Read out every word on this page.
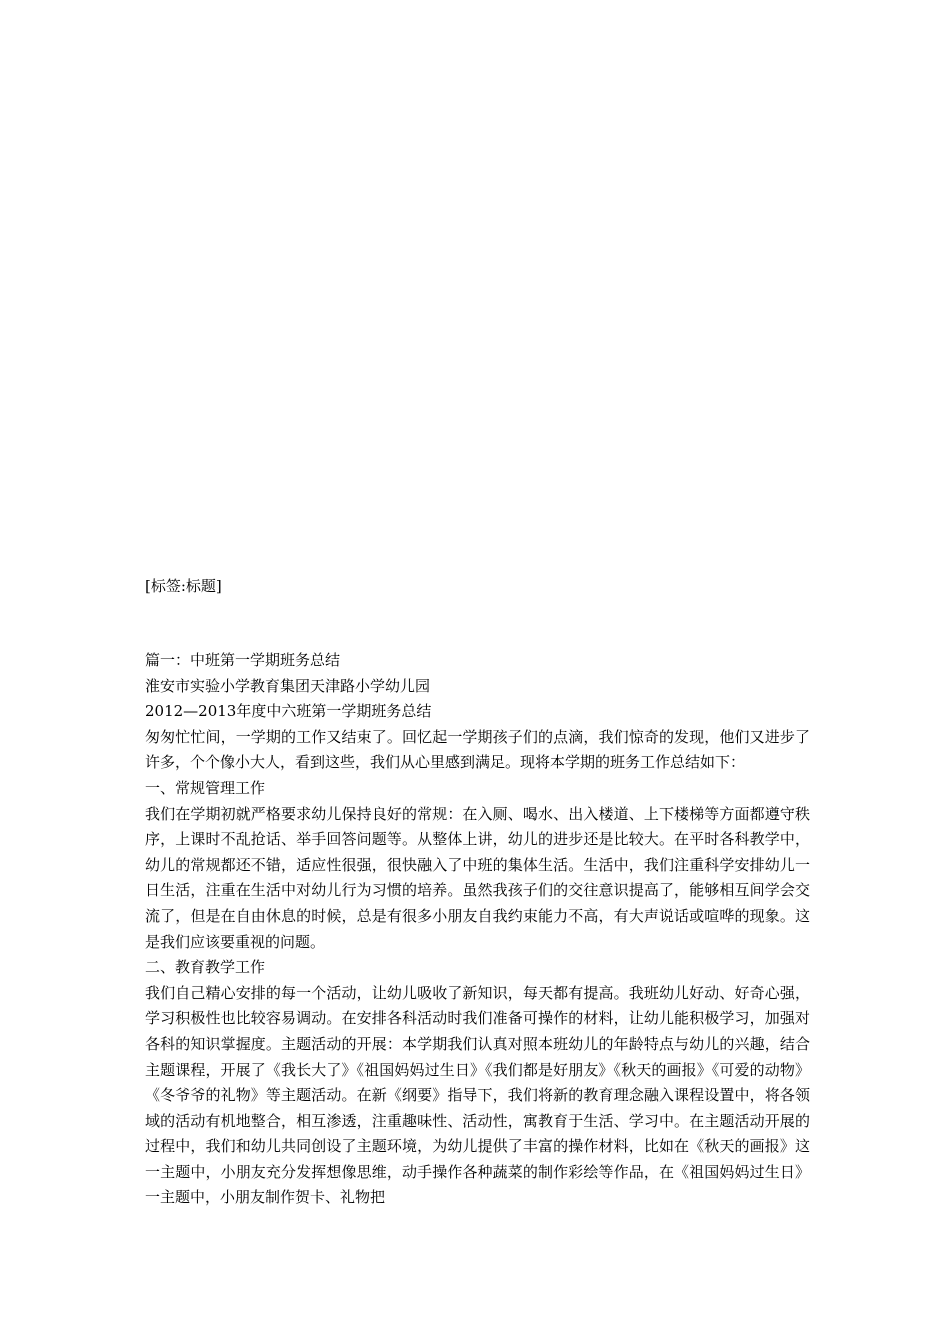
[标签:标题]

篇一：中班第一学期班务总结

淮安市实验小学教育集团天津路小学幼儿园

2012—2013年度中六班第一学期班务总结

匆匆忙忙间，一学期的工作又结束了。回忆起一学期孩子们的点滴，我们惊奇的发现，他们又进步了许多，个个像小大人，看到这些，我们从心里感到满足。现将本学期的班务工作总结如下：

一、常规管理工作

我们在学期初就严格要求幼儿保持良好的常规：在入厕、喝水、出入楼道、上下楼梯等方面都遵守秩序，上课时不乱抢话、举手回答问题等。从整体上讲，幼儿的进步还是比较大。在平时各科教学中，幼儿的常规都还不错，适应性很强，很快融入了中班的集体生活。生活中，我们注重科学安排幼儿一日生活，注重在生活中对幼儿行为习惯的培养。虽然我孩子们的交往意识提高了，能够相互间学会交流了，但是在自由休息的时候，总是有很多小朋友自我约束能力不高，有大声说话或喧哗的现象。这是我们应该要重视的问题。

二、教育教学工作

我们自己精心安排的每一个活动，让幼儿吸收了新知识，每天都有提高。我班幼儿好动、好奇心强，学习积极性也比较容易调动。在安排各科活动时我们准备可操作的材料，让幼儿能积极学习，加强对各科的知识掌握度。主题活动的开展：本学期我们认真对照本班幼儿的年龄特点与幼儿的兴趣，结合主题课程，开展了《我长大了》《祖国妈妈过生日》《我们都是好朋友》《秋天的画报》《可爱的动物》《冬爷爷的礼物》等主题活动。在新《纲要》指导下，我们将新的教育理念融入课程设置中，将各领域的活动有机地整合，相互渗透，注重趣味性、活动性，寓教育于生活、学习中。在主题活动开展的过程中，我们和幼儿共同创设了主题环境，为幼儿提供了丰富的操作材料，比如在《秋天的画报》这一主题中，小朋友充分发挥想像思维，动手操作各种蔬菜的制作彩绘等作品，在《祖国妈妈过生日》一主题中，小朋友制作贺卡、礼物把
